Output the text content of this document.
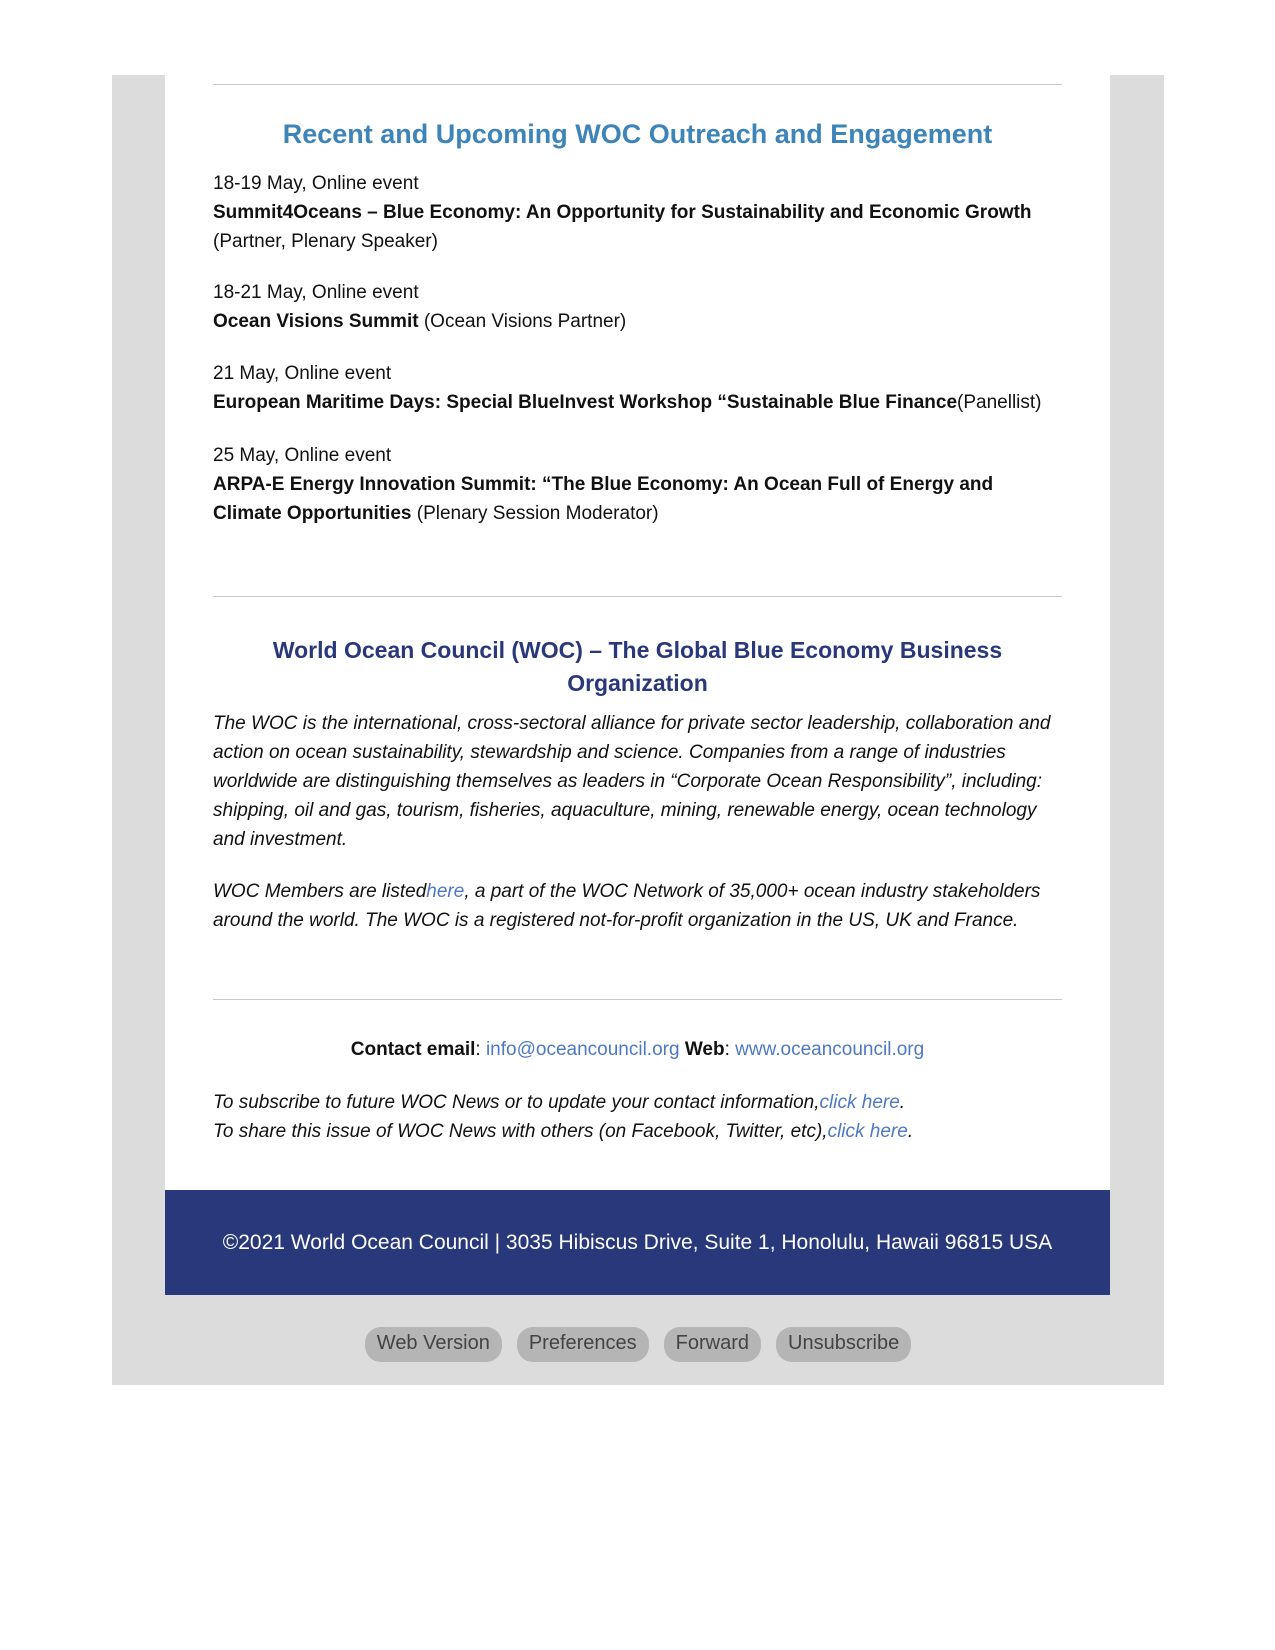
Recent and Upcoming WOC Outreach and Engagement
18-19 May, Online event
Summit4Oceans – Blue Economy: An Opportunity for Sustainability and Economic Growth
(Partner, Plenary Speaker)
18-21 May, Online event
Ocean Visions Summit (Ocean Visions Partner)
21 May, Online event
European Maritime Days: Special BlueInvest Workshop “Sustainable Blue Finance(Panellist)
25 May, Online event
ARPA-E Energy Innovation Summit: “The Blue Economy: An Ocean Full of Energy and Climate Opportunities (Plenary Session Moderator)
World Ocean Council (WOC) – The Global Blue Economy Business
Organization

The WOC is the international, cross-sectoral alliance for private sector leadership, collaboration and action on ocean sustainability, stewardship and science. Companies from a range of industries worldwide are distinguishing themselves as leaders in “Corporate Ocean Responsibility”, including: shipping, oil and gas, tourism, fisheries, aquaculture, mining, renewable energy, ocean technology and investment.

WOC Members are listedhere, a part of the WOC Network of 35,000+ ocean industry stakeholders around the world. The WOC is a registered not-for-profit organization in the US, UK and France.

Contact email: info@oceancouncil.org Web: www.oceancouncil.org

To subscribe to future WOC News or to update your contact information,click here.
To share this issue of WOC News with others (on Facebook, Twitter, etc),click here.

©2021 World Ocean Council | 3035 Hibiscus Drive, Suite 1, Honolulu, Hawaii 96815 USA
Web Version	Preferences	Forward	Unsubscribe
